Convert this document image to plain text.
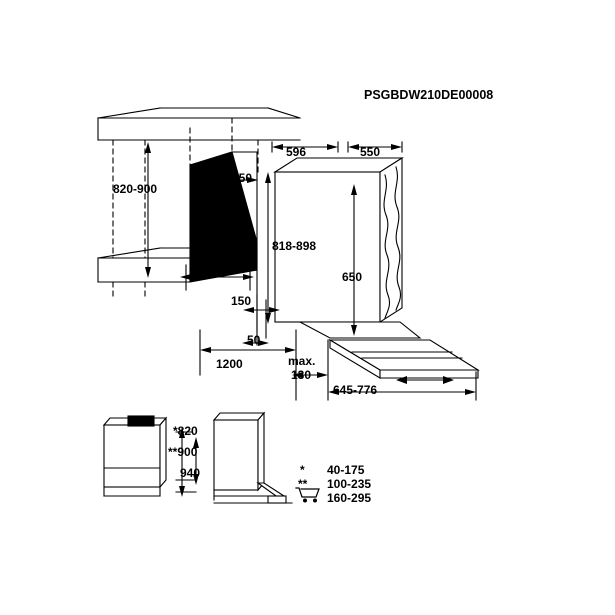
PSGBDW210DE00008
820-900
min. 550
596	550
600
818-898
650
150
50
1200	max.
130
645-776
*820
**900
940	* 40-175
** 100-235
160-295
